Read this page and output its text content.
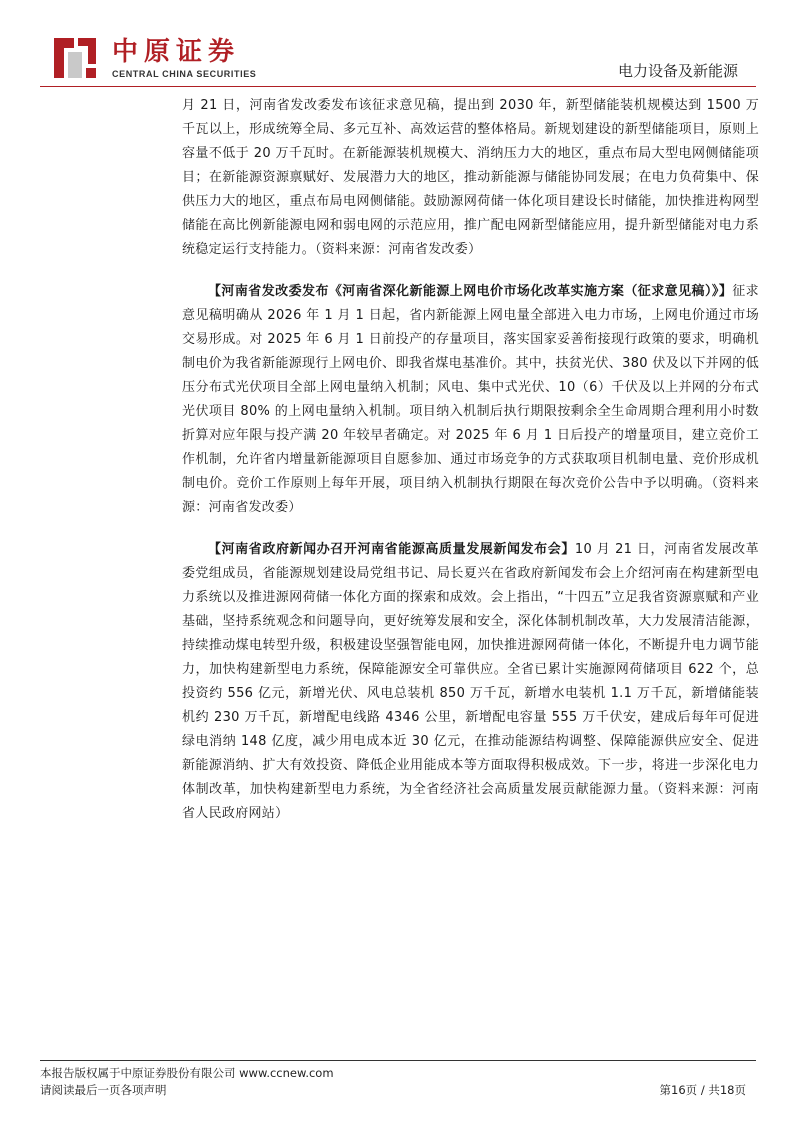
中原证券
CENTRAL CHINA SECURITIES	电力设备及新能源

月 21 日，河南省发改委发布该征求意见稿，提出到 2030 年，新型储能装机规模达到 1500 万千瓦以上，形成统筹全局、多元互补、高效运营的整体格局。新规划建设的新型储能项目，原则上容量不低于 20 万千瓦时。在新能源装机规模大、消纳压力大的地区，重点布局大型电网侧储能项目；在新能源资源禀赋好、发展潜力大的地区，推动新能源与储能协同发展；在电力负荷集中、保供压力大的地区，重点布局电网侧储能。鼓励源网荷储一体化项目建设长时储能，加快推进构网型储能在高比例新能源电网和弱电网的示范应用，推广配电网新型储能应用，提升新型储能对电力系统稳定运行支持能力。（资料来源：河南省发改委）

【河南省发改委发布《河南省深化新能源上网电价市场化改革实施方案（征求意见稿）》】征求意见稿明确从 2026 年 1 月 1 日起，省内新能源上网电量全部进入电力市场，上网电价通过市场交易形成。对 2025 年 6 月 1 日前投产的存量项目，落实国家妥善衔接现行政策的要求，明确机制电价为我省新能源现行上网电价、即我省煤电基准价。其中，扶贫光伏、380 伏及以下并网的低压分布式光伏项目全部上网电量纳入机制；风电、集中式光伏、10（6）千伏及以上并网的分布式光伏项目 80% 的上网电量纳入机制。项目纳入机制后执行期限按剩余全生命周期合理利用小时数折算对应年限与投产满 20 年较早者确定。对 2025 年 6 月 1 日后投产的增量项目，建立竞价工作机制，允许省内增量新能源项目自愿参加、通过市场竞争的方式获取项目机制电量、竞价形成机制电价。竞价工作原则上每年开展，项目纳入机制执行期限在每次竞价公告中予以明确。（资料来源：河南省发改委）

【河南省政府新闻办召开河南省能源高质量发展新闻发布会】10 月 21 日，河南省发展改革委党组成员，省能源规划建设局党组书记、局长夏兴在省政府新闻发布会上介绍河南在构建新型电力系统以及推进源网荷储一体化方面的探索和成效。会上指出，“十四五”立足我省资源禀赋和产业基础，坚持系统观念和问题导向，更好统筹发展和安全，深化体制机制改革，大力发展清洁能源，持续推动煤电转型升级，积极建设坚强智能电网，加快推进源网荷储一体化，不断提升电力调节能力，加快构建新型电力系统，保障能源安全可靠供应。全省已累计实施源网荷储项目 622 个，总投资约 556 亿元，新增光伏、风电总装机 850 万千瓦，新增水电装机 1.1 万千瓦，新增储能装机约 230 万千瓦，新增配电线路 4346 公里，新增配电容量 555 万千伏安，建成后每年可促进绿电消纳 148 亿度，减少用电成本近 30 亿元，在推动能源结构调整、保障能源供应安全、促进新能源消纳、扩大有效投资、降低企业用能成本等方面取得积极成效。下一步，将进一步深化电力体制改革，加快构建新型电力系统，为全省经济社会高质量发展贡献能源力量。（资料来源：河南省人民政府网站）

本报告版权属于中原证券股份有限公司 www.ccnew.com
请阅读最后一页各项声明	第16页 / 共18页
